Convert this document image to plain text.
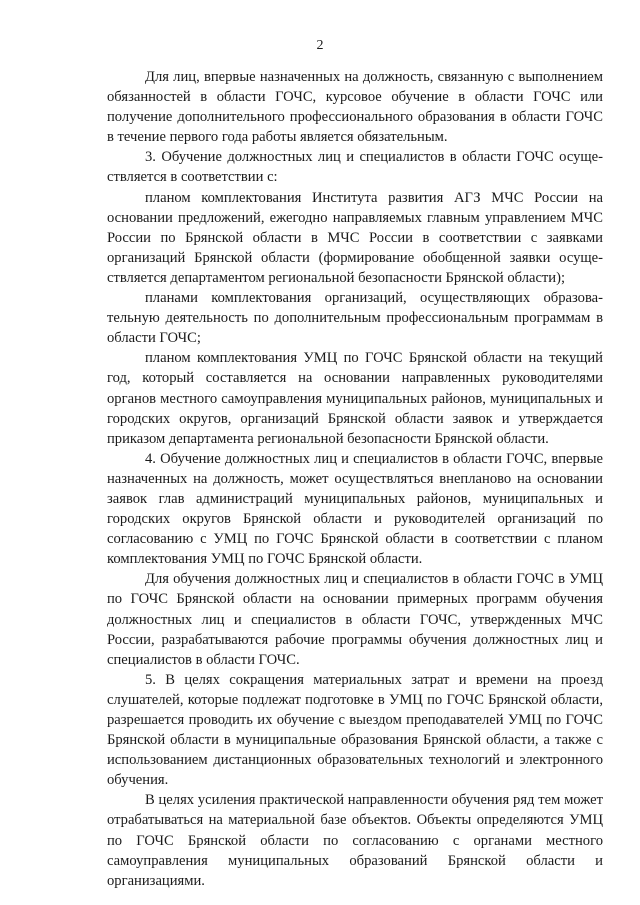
2

Для лиц, впервые назначенных на должность, связанную с выполнением обязанностей в области ГОЧС, курсовое обучение в области ГОЧС или получение дополнительного профессионального образования в области ГОЧС в течение первого года работы является обязательным.

3. Обучение должностных лиц и специалистов в области ГОЧС осуществляется в соответствии с:

планом комплектования Института развития АГЗ МЧС России на основании предложений, ежегодно направляемых главным управлением МЧС России по Брянской области в МЧС России в соответствии с заявками организаций Брянской области (формирование обобщенной заявки осуществляется департаментом региональной безопасности Брянской области);

планами комплектования организаций, осуществляющих образовательную деятельность по дополнительным профессиональным программам в области ГОЧС;

планом комплектования УМЦ по ГОЧС Брянской области на текущий год, который составляется на основании направленных руководителями органов местного самоуправления муниципальных районов, муниципальных и городских округов, организаций Брянской области заявок и утверждается приказом департамента региональной безопасности Брянской области.

4. Обучение должностных лиц и специалистов в области ГОЧС, впервые назначенных на должность, может осуществляться внепланово на основании заявок глав администраций муниципальных районов, муниципальных и городских округов Брянской области и руководителей организаций по согласованию с УМЦ по ГОЧС Брянской области в соответствии с планом комплектования УМЦ по ГОЧС Брянской области.

Для обучения должностных лиц и специалистов в области ГОЧС в УМЦ по ГОЧС Брянской области на основании примерных программ обучения должностных лиц и специалистов в области ГОЧС, утвержденных МЧС России, разрабатываются рабочие программы обучения должностных лиц и специалистов в области ГОЧС.

5. В целях сокращения материальных затрат и времени на проезд слушателей, которые подлежат подготовке в УМЦ по ГОЧС Брянской области, разрешается проводить их обучение с выездом преподавателей УМЦ по ГОЧС Брянской области в муниципальные образования Брянской области, а также с использованием дистанционных образовательных технологий и электронного обучения.

В целях усиления практической направленности обучения ряд тем может отрабатываться на материальной базе объектов. Объекты определяются УМЦ по ГОЧС Брянской области по согласованию с органами местного самоуправления муниципальных образований Брянской области и организациями.
